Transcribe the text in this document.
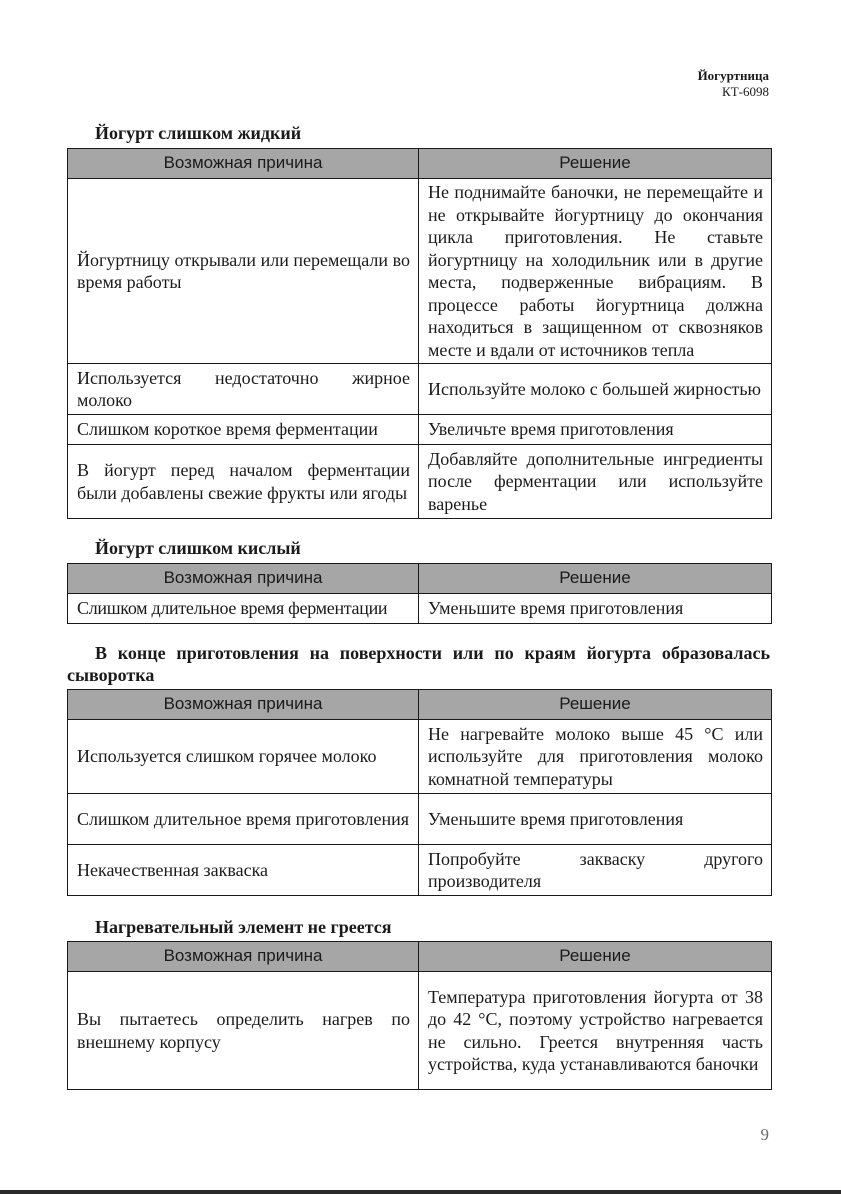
Йогуртница
КТ-6098
Йогурт слишком жидкий
Возможная причина	Решение
Йогуртницу открывали или перемещали во время работы	Не поднимайте баночки, не перемещайте и не открывайте йогуртницу до окончания цикла приготовления. Не ставьте йогуртницу на холодильник или в другие места, подверженные вибрациям. В процессе работы йогуртница должна находиться в защищенном от сквозняков месте и вдали от источников тепла
Используется недостаточно жирное молоко	Используйте молоко с большей жирностью
Слишком короткое время ферментации	Увеличьте время приготовления
В йогурт перед началом ферментации были добавлены свежие фрукты или ягоды	Добавляйте дополнительные ингредиенты после ферментации или используйте варенье
Йогурт слишком кислый
Возможная причина	Решение
Слишком длительное время ферментации	Уменьшите время приготовления
В конце приготовления на поверхности или по краям йогурта образовалась сыворотка
Возможная причина	Решение
Используется слишком горячее молоко	Не нагревайте молоко выше 45 °C или используйте для приготовления молоко комнатной температуры
Слишком длительное время приготовления	Уменьшите время приготовления
Некачественная закваска	Попробуйте закваску другого производителя
Нагревательный элемент не греется
Возможная причина	Решение
Вы пытаетесь определить нагрев по внешнему корпусу	Температура приготовления йогурта от 38 до 42 °C, поэтому устройство нагревается не сильно. Греется внутренняя часть устройства, куда устанавливаются баночки
9
